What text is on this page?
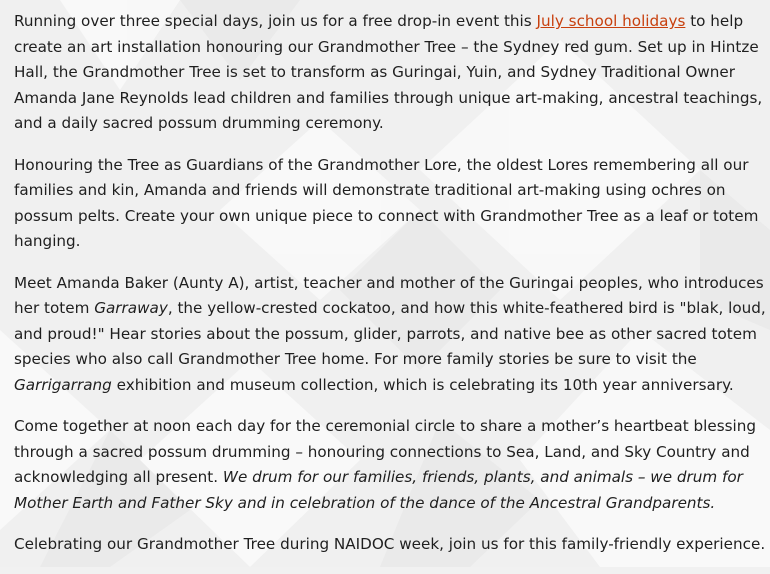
Running over three special days, join us for a free drop-in event this July school holidays to help create an art installation honouring our Grandmother Tree – the Sydney red gum. Set up in Hintze Hall, the Grandmother Tree is set to transform as Guringai, Yuin, and Sydney Traditional Owner Amanda Jane Reynolds lead children and families through unique art-making, ancestral teachings, and a daily sacred possum drumming ceremony.

Honouring the Tree as Guardians of the Grandmother Lore, the oldest Lores remembering all our families and kin, Amanda and friends will demonstrate traditional art-making using ochres on possum pelts. Create your own unique piece to connect with Grandmother Tree as a leaf or totem hanging.

Meet Amanda Baker (Aunty A), artist, teacher and mother of the Guringai peoples, who introduces her totem Garraway, the yellow-crested cockatoo, and how this white-feathered bird is "blak, loud, and proud!" Hear stories about the possum, glider, parrots, and native bee as other sacred totem species who also call Grandmother Tree home. For more family stories be sure to visit the Garrigarrang exhibition and museum collection, which is celebrating its 10th year anniversary.

Come together at noon each day for the ceremonial circle to share a mother’s heartbeat blessing through a sacred possum drumming – honouring connections to Sea, Land, and Sky Country and acknowledging all present. We drum for our families, friends, plants, and animals – we drum for Mother Earth and Father Sky and in celebration of the dance of the Ancestral Grandparents.

Celebrating our Grandmother Tree during NAIDOC week, join us for this family-friendly experience.
